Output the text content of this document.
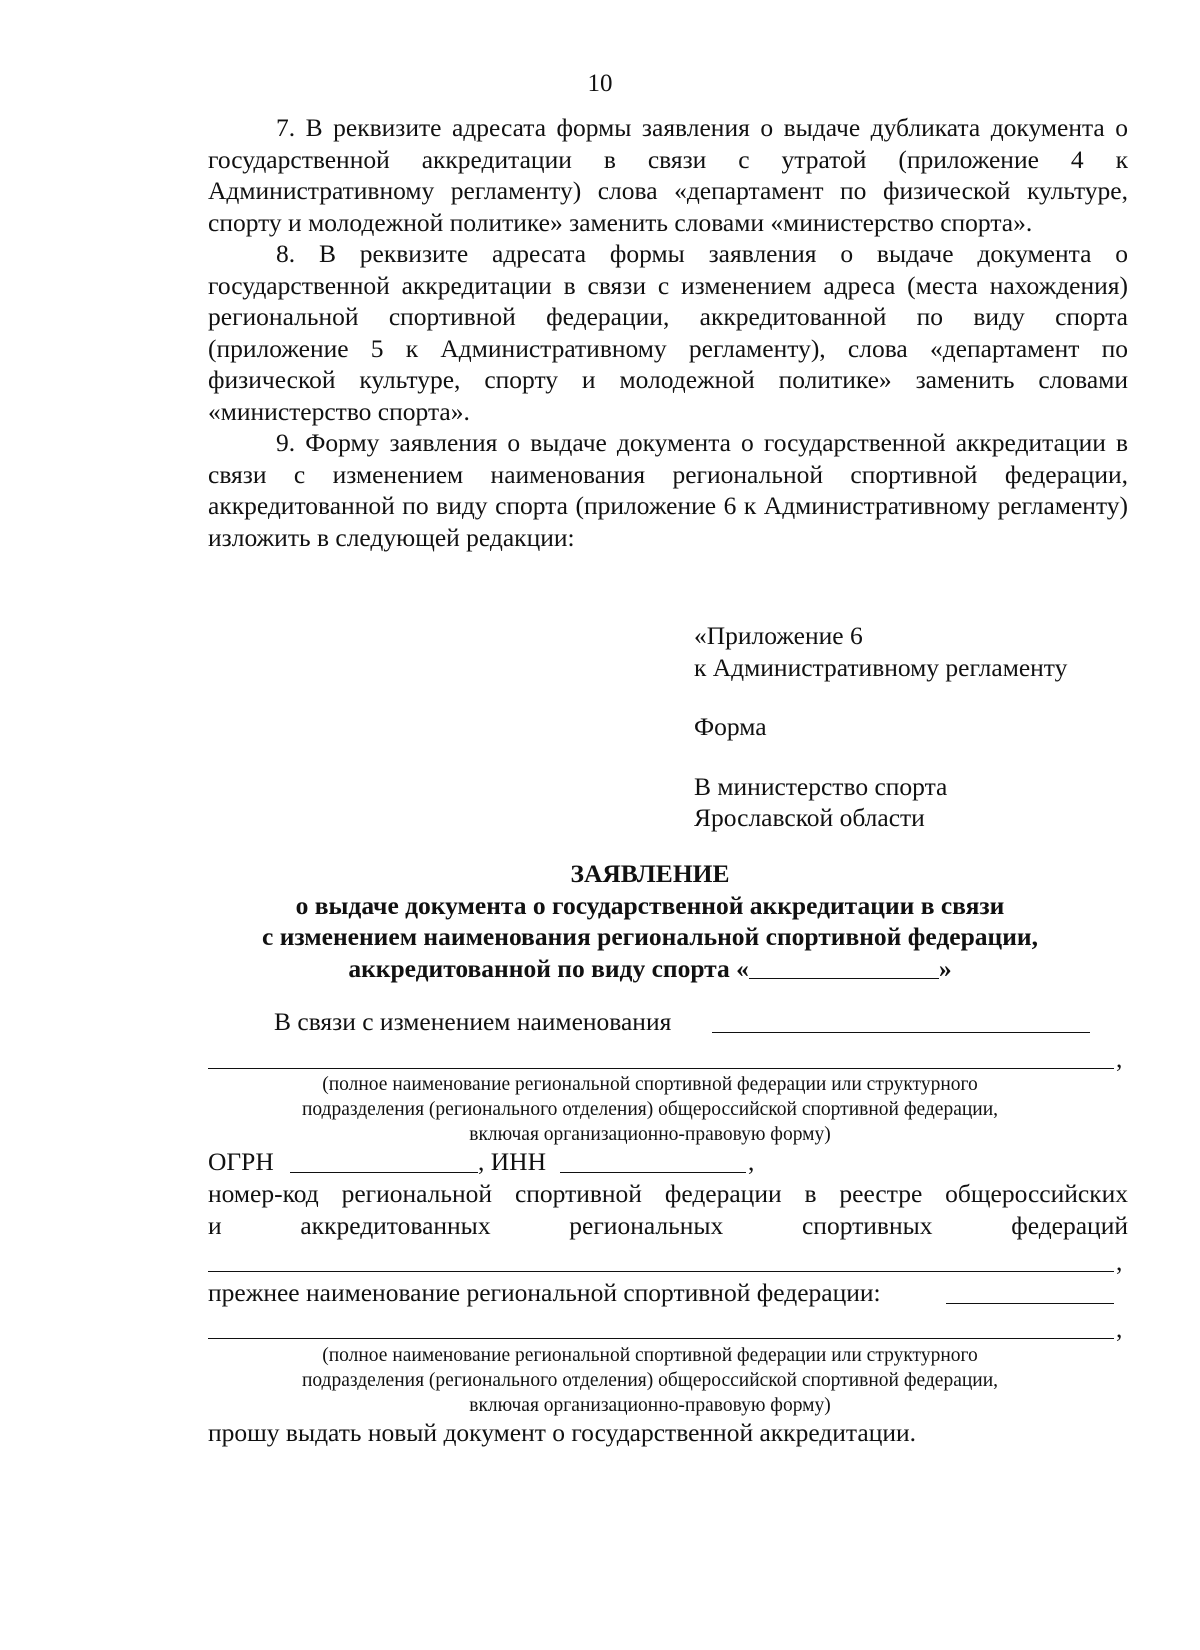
10

7. В реквизите адресата формы заявления о выдаче дубликата документа о государственной аккредитации в связи с утратой (приложение 4 к Административному регламенту) слова «департамент по физической культуре, спорту и молодежной политике» заменить словами «министерство спорта».

8. В реквизите адресата формы заявления о выдаче документа о государственной аккредитации в связи с изменением адреса (места нахождения) региональной спортивной федерации, аккредитованной по виду спорта (приложение 5 к Административному регламенту), слова «департамент по физической культуре, спорту и молодежной политике» заменить словами «министерство спорта».

9. Форму заявления о выдаче документа о государственной аккредитации в связи с изменением наименования региональной спортивной федерации, аккредитованной по виду спорта (приложение 6 к Административному регламенту) изложить в следующей редакции:

«Приложение 6
к Административному регламенту
Форма
В министерство спорта
Ярославской области
ЗАЯВЛЕНИЕ
о выдаче документа о государственной аккредитации в связи
с изменением наименования региональной спортивной федерации,
аккредитованной по виду спорта «	»
В связи с изменением наименования
,
(полное наименование региональной спортивной федерации или структурного
подразделения (регионального отделения) общероссийской спортивной федерации,
включая организационно-правовую форму)
ОГРН	, ИНН	,
номер-код региональной спортивной федерации в реестре общероссийских
и аккредитованных региональных спортивных федераций
,
прежнее наименование региональной спортивной федерации:
,
(полное наименование региональной спортивной федерации или структурного
подразделения (регионального отделения) общероссийской спортивной федерации,
включая организационно-правовую форму)
прошу выдать новый документ о государственной аккредитации.
